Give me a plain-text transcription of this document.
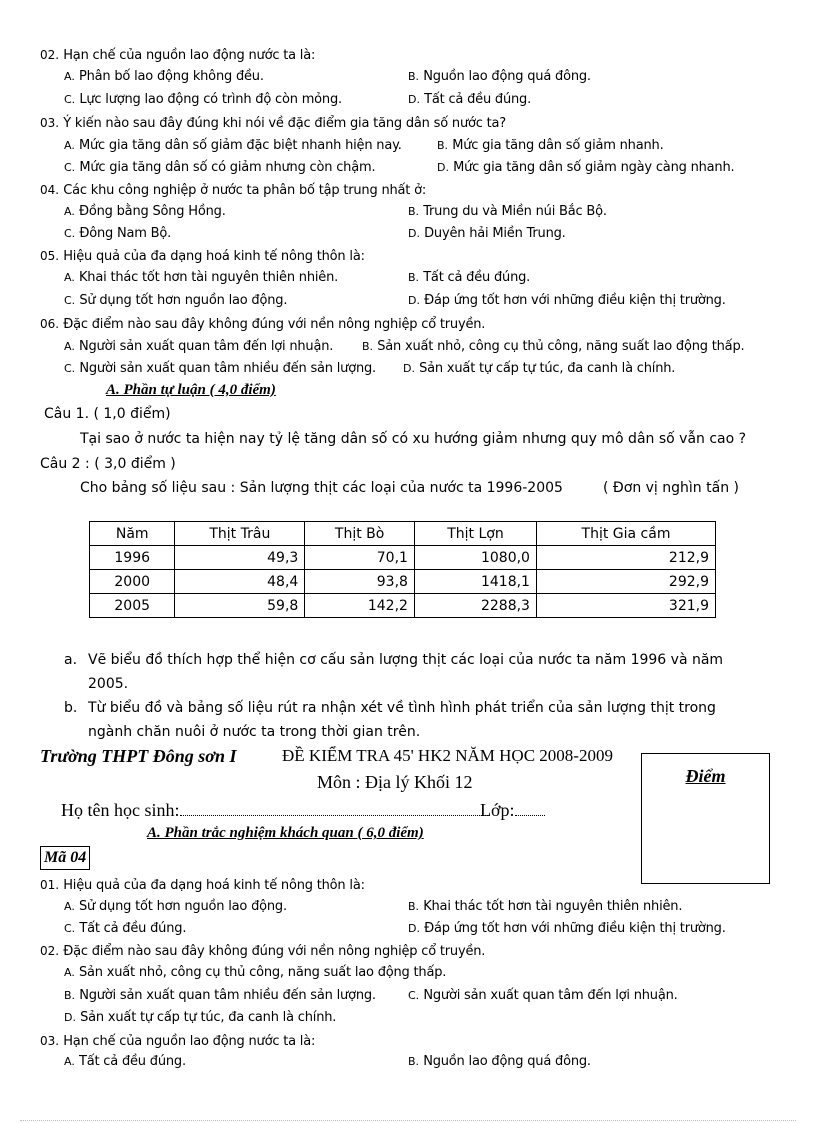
02. Hạn chế của nguồn lao động nước ta là:
A. Phân bố lao động không đều.	B. Nguồn lao động quá đông.
C. Lực lượng lao động có trình độ còn mỏng.	D. Tất cả đều đúng.
03. Ý kiến nào sau đây đúng khi nói về đặc điểm gia tăng dân số nước ta?
A. Mức gia tăng dân số giảm đặc biệt nhanh hiện nay.	B. Mức gia tăng dân số giảm nhanh.
C. Mức gia tăng dân số có giảm nhưng còn chậm.	D. Mức gia tăng dân số giảm ngày càng nhanh.
04. Các khu công nghiệp ở nước ta phân bố tập trung nhất ở:
A. Đồng bằng Sông Hồng.	B. Trung du và Miền núi Bắc Bộ.
C. Đông Nam Bộ.	D. Duyên hải Miền Trung.
05. Hiệu quả của đa dạng hoá kinh tế nông thôn là:
A. Khai thác tốt hơn tài nguyên thiên nhiên.	B. Tất cả đều đúng.
C. Sử dụng tốt hơn nguồn lao động.	D. Đáp ứng tốt hơn với những điều kiện thị trường.
06. Đặc điểm nào sau đây không đúng với nền nông nghiệp cổ truyền.
A. Người sản xuất quan tâm đến lợi nhuận.	B. Sản xuất nhỏ, công cụ thủ công, năng suất lao động thấp.
C. Người sản xuất quan tâm nhiều đến sản lượng. D. Sản xuất tự cấp tự túc, đa canh là chính.
A. Phần tự luận ( 4,0 điểm)
Câu 1. ( 1,0 điểm)
Tại sao ở nước ta hiện nay tỷ lệ tăng dân số có xu hướng giảm nhưng quy mô dân số vẫn cao ?
Câu 2 : ( 3,0 điểm )
Cho bảng số liệu sau : Sản lượng thịt các loại của nước ta 1996-2005	( Đơn vị nghìn tấn )
Năm	Thịt Trâu	Thịt Bò	Thịt Lợn	Thịt Gia cầm
1996	49,3	70,1	1080,0	212,9
2000	48,4	93,8	1418,1	292,9
2005	59,8	142,2	2288,3	321,9
a. Vẽ biểu đồ thích hợp thể hiện cơ cấu sản lượng thịt các loại của nước ta năm 1996 và năm
2005.
b. Từ biểu đồ và bảng số liệu rút ra nhận xét về tình hình phát triển của sản lượng thịt trong
ngành chăn nuôi ở nước ta trong thời gian trên.
Trường THPT Đông sơn I	ĐỀ KIỂM TRA 45' HK2 NĂM HỌC 2008-2009
Môn : Địa lý Khối 12	Điểm
Họ tên học sinh:	Lớp:
A. Phần trắc nghiệm khách quan ( 6,0 điểm)
Mã 04
01. Hiệu quả của đa dạng hoá kinh tế nông thôn là:
A. Sử dụng tốt hơn nguồn lao động.	B. Khai thác tốt hơn tài nguyên thiên nhiên.
C. Tất cả đều đúng.	D. Đáp ứng tốt hơn với những điều kiện thị trường.
02. Đặc điểm nào sau đây không đúng với nền nông nghiệp cổ truyền.
A. Sản xuất nhỏ, công cụ thủ công, năng suất lao động thấp.
B. Người sản xuất quan tâm nhiều đến sản lượng.	C. Người sản xuất quan tâm đến lợi nhuận.
D. Sản xuất tự cấp tự túc, đa canh là chính.
03. Hạn chế của nguồn lao động nước ta là:
A. Tất cả đều đúng.	B. Nguồn lao động quá đông.
